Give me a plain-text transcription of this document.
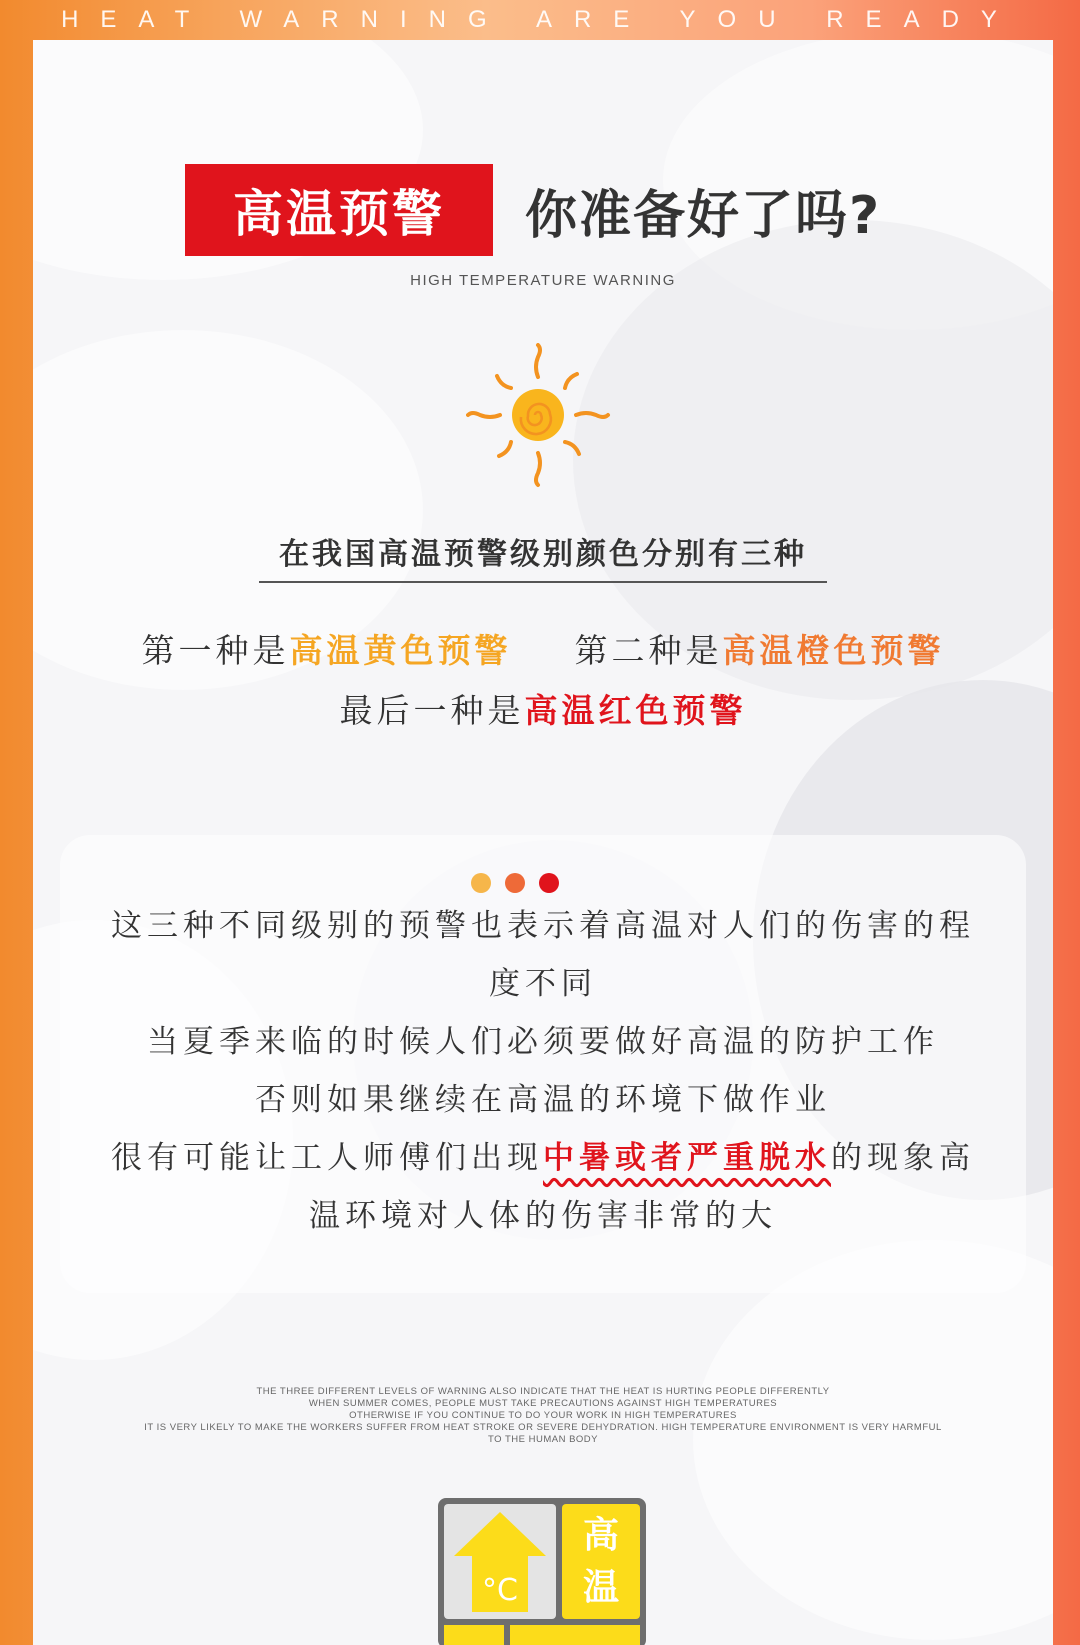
HEAT WARNING ARE YOU READY
高温预警	你准备好了吗?
HIGH TEMPERATURE WARNING
在我国高温预警级别颜色分别有三种
第一种是高温黄色预警 第二种是高温橙色预警
最后一种是高温红色预警
这三种不同级别的预警也表示着高温对人们的伤害的程
度不同
当夏季来临的时候人们必须要做好高温的防护工作
否则如果继续在高温的环境下做作业
很有可能让工人师傅们出现中暑或者严重脱水的现象高
温环境对人体的伤害非常的大
THE THREE DIFFERENT LEVELS OF WARNING ALSO INDICATE THAT THE HEAT IS HURTING PEOPLE DIFFERENTLY
WHEN SUMMER COMES, PEOPLE MUST TAKE PRECAUTIONS AGAINST HIGH TEMPERATURES
OTHERWISE IF YOU CONTINUE TO DO YOUR WORK IN HIGH TEMPERATURES
IT IS VERY LIKELY TO MAKE THE WORKERS SUFFER FROM HEAT STROKE OR SEVERE DEHYDRATION. HIGH TEMPERATURE ENVIRONMENT IS VERY HARMFUL
TO THE HUMAN BODY
°C
高
温
